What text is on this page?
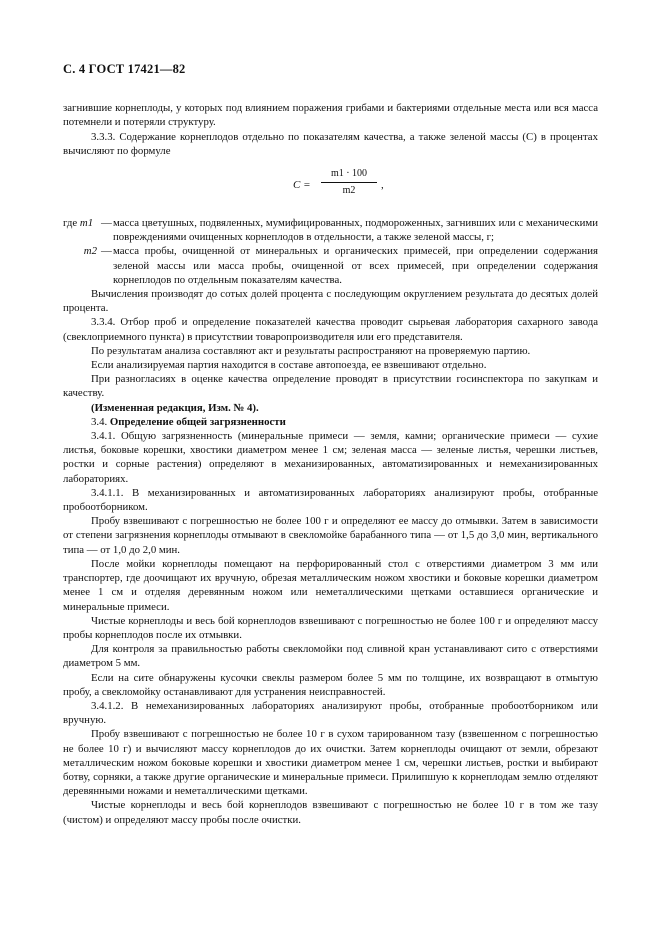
С. 4 ГОСТ 17421—82

загнившие корнеплоды, у которых под влиянием поражения грибами и бактериями отдельные места или вся масса потемнели и потеряли структуру.

3.3.3. Содержание корнеплодов отдельно по показателям качества, а также зеленой массы (С) в процентах вычисляют по формуле

$C = \frac{m1 \cdot 100}{m2}$ ,
где m1 — масса цветушных, подвяленных, мумифицированных, подмороженных, загнивших или с механическими повреждениями очищенных корнеплодов в отдельности, а также зеленой массы, г;
m2 — масса пробы, очищенной от минеральных и органических примесей, при определении содержания зеленой массы или масса пробы, очищенной от всех примесей, при определении содержания корнеплодов по отдельным показателям качества.

Вычисления производят до сотых долей процента с последующим округлением результата до десятых долей процента.

3.3.4. Отбор проб и определение показателей качества проводит сырьевая лаборатория сахарного завода (свеклоприемного пункта) в присутствии товаропроизводителя или его представителя.

По результатам анализа составляют акт и результаты распространяют на проверяемую партию.

Если анализируемая партия находится в составе автопоезда, ее взвешивают отдельно.

При разногласиях в оценке качества определение проводят в присутствии госинспектора по закупкам и качеству.

(Измененная редакция, Изм. № 4).

3.4. Определение общей загрязненности

3.4.1. Общую загрязненность (минеральные примеси — земля, камни; органические примеси — сухие листья, боковые корешки, хвостики диаметром менее 1 см; зеленая масса — зеленые листья, черешки листьев, ростки и сорные растения) определяют в механизированных, автоматизированных и немеханизированных лабораториях.

3.4.1.1. В механизированных и автоматизированных лабораториях анализируют пробы, отобранные пробоотборником.

Пробу взвешивают с погрешностью не более 100 г и определяют ее массу до отмывки. Затем в зависимости от степени загрязнения корнеплоды отмывают в свекломойке барабанного типа — от 1,5 до 3,0 мин, вертикального типа — от 1,0 до 2,0 мин.

После мойки корнеплоды помещают на перфорированный стол с отверстиями диаметром 3 мм или транспортер, где доочищают их вручную, обрезая металлическим ножом хвостики и боковые корешки диаметром менее 1 см и отделяя деревянным ножом или неметаллическими щетками оставшиеся органические и минеральные примеси.

Чистые корнеплоды и весь бой корнеплодов взвешивают с погрешностью не более 100 г и определяют массу пробы корнеплодов после их отмывки.

Для контроля за правильностью работы свекломойки под сливной кран устанавливают сито с отверстиями диаметром 5 мм.

Если на сите обнаружены кусочки свеклы размером более 5 мм по толщине, их возвращают в отмытую пробу, а свекломойку останавливают для устранения неисправностей.

3.4.1.2. В немеханизированных лабораториях анализируют пробы, отобранные пробоотборником или вручную.

Пробу взвешивают с погрешностью не более 10 г в сухом тарированном тазу (взвешенном с погрешностью не более 10 г) и вычисляют массу корнеплодов до их очистки. Затем корнеплоды очищают от земли, обрезают металлическим ножом боковые корешки и хвостики диаметром менее 1 см, черешки листьев, ростки и выбирают ботву, сорняки, а также другие органические и минеральные примеси. Прилипшую к корнеплодам землю отделяют деревянными ножами и неметаллическими щетками.

Чистые корнеплоды и весь бой корнеплодов взвешивают с погрешностью не более 10 г в том же тазу (чистом) и определяют массу пробы после очистки.
